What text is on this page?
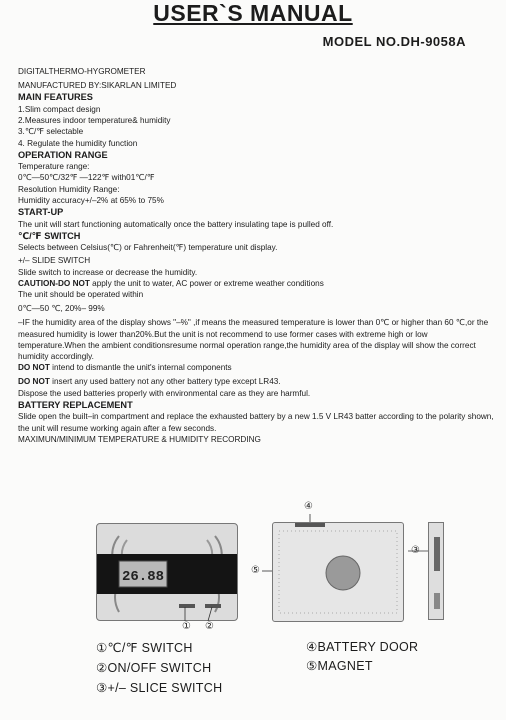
USER`S MANUAL
MODEL NO.DH-9058A

DIGITALTHERMO-HYGROMETER

MANUFACTURED BY:SIKARLAN LIMITED

MAIN FEATURES

1.Slim compact design

2.Measures indoor temperature& humidity

3.℃/℉ selectable

4. Regulate the humidity function

OPERATION RANGE

Temperature range:

0℃—50℃/32℉ —122℉ with01℃/℉

Resolution Humidity Range:

Humidity accuracy+/–2% at 65% to 75%

START-UP

The unit will start functioning automatically once the battery insulating tape is pulled off.

℃/℉ SWITCH

Selects between Celsius(℃) or Fahrenheit(℉) temperature unit display.

+/– SLIDE SWITCH

Slide switch to increase or decrease the humidity.

CAUTION-DO NOT apply the unit to water, AC power or extreme weather conditions

The unit should be operated within

0℃—50 ℃, 20%– 99%

–IF the humidity area of the display shows "–%" ,if means the measured temperature is lower than 0℃ or higher than 60 ℃,or the measured humidity is lower than20%.But the unit is not recommend to use former cases with extreme high or low temperature.When the ambient conditionsresume normal operation range,the humidity area of the display will show the correct humidity accordingly.

DO NOT intend to dismantle the unit's internal components

DO NOT insert any used battery not any other battery type except LR43.

Dispose the used batteries properly with environmental care as they are harmful.

BATTERY REPLACEMENT

Slide open the built–in compartment and replace the exhausted battery by a new 1.5 V LR43 batter according to the polarity shown, the unit will resume working again after a few seconds.

MAXIMUN/MINIMUM TEMPERATURE & HUMIDITY RECORDING

26.88
① ②
④
⑤
③
①℃/℉ SWITCH
②ON/OFF SWITCH
③+/– SLICE SWITCH
④BATTERY DOOR
⑤MAGNET
